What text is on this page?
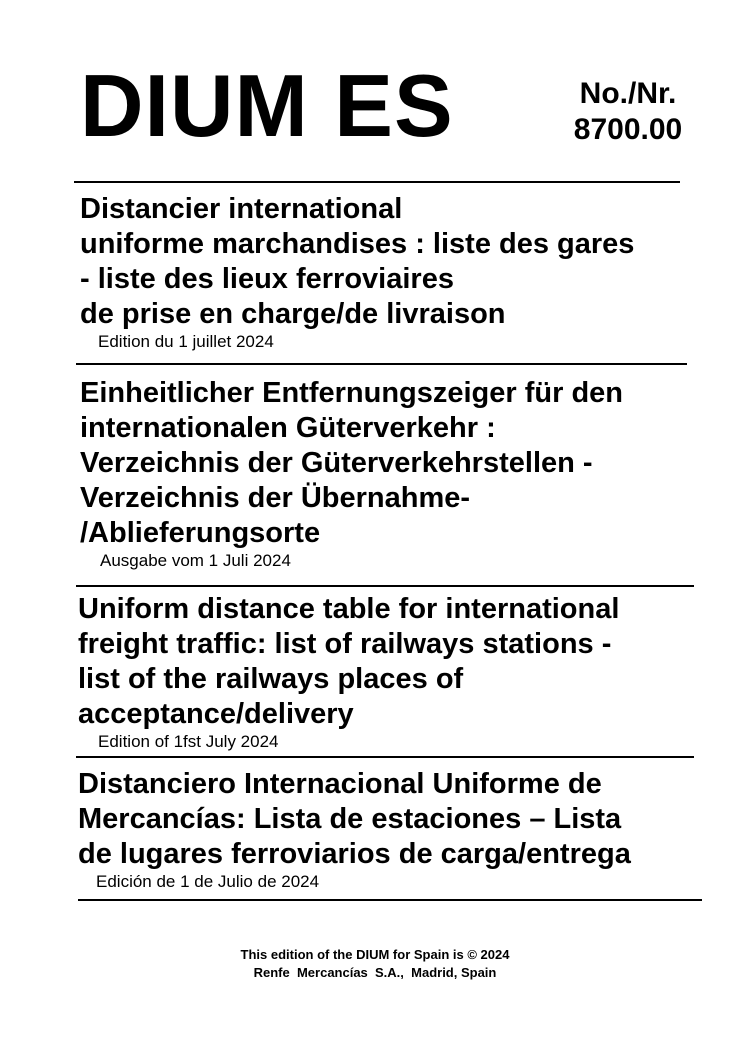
DIUM ES	No./Nr.
8700.00
Distancier international
uniforme marchandises : liste des gares
- liste des lieux ferroviaires
de prise en charge/de livraison
Edition du 1 juillet 2024
Einheitlicher Entfernungszeiger für den
internationalen Güterverkehr :
Verzeichnis der Güterverkehrstellen -
Verzeichnis der Übernahme-
/Ablieferungsorte
Ausgabe vom 1 Juli 2024
Uniform distance table for international
freight traffic: list of railways stations -
list of the railways places of
acceptance/delivery
Edition of 1fst July 2024
Distanciero Internacional Uniforme de
Mercancías: Lista de estaciones – Lista
de lugares ferroviarios de carga/entrega
Edición de 1 de Julio de 2024
This edition of the DIUM for Spain is © 2024
Renfe  Mercancías  S.A.,  Madrid, Spain
